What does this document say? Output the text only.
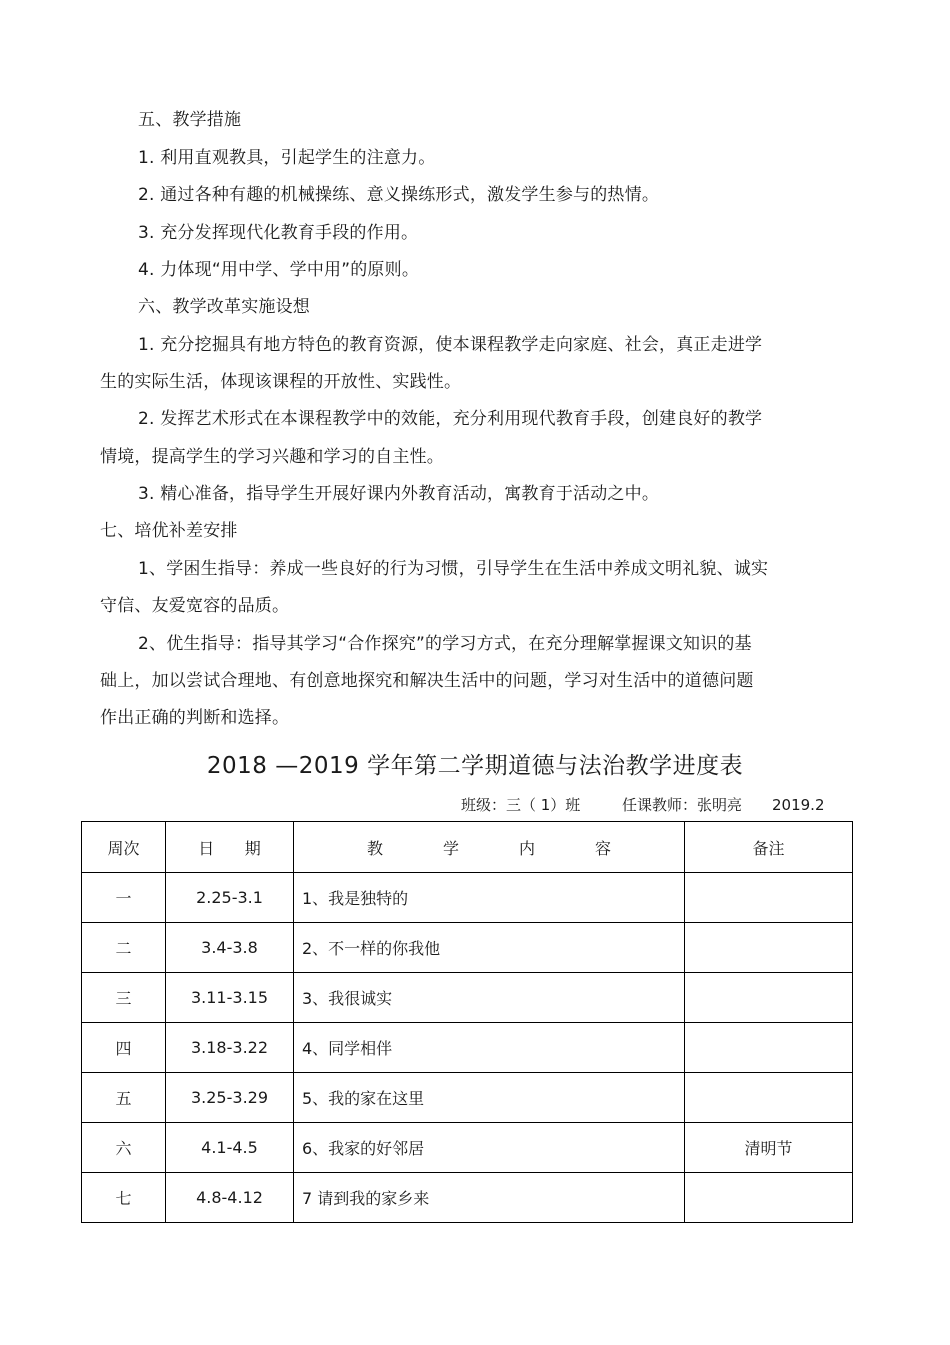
五、教学措施
1. 利用直观教具，引起学生的注意力。
2. 通过各种有趣的机械操练、意义操练形式，激发学生参与的热情。
3. 充分发挥现代化教育手段的作用。
4. 力体现“用中学、学中用”的原则。
六、教学改革实施设想
1. 充分挖掘具有地方特色的教育资源，使本课程教学走向家庭、社会，真正走进学
生的实际生活，体现该课程的开放性、实践性。
2. 发挥艺术形式在本课程教学中的效能，充分利用现代教育手段，创建良好的教学
情境，提高学生的学习兴趣和学习的自主性。
3. 精心准备，指导学生开展好课内外教育活动，寓教育于活动之中。
七、培优补差安排
1、学困生指导：养成一些良好的行为习惯，引导学生在生活中养成文明礼貌、诚实
守信、友爱宽容的品质。
2、优生指导：指导其学习“合作探究”的学习方式，在充分理解掌握课文知识的基
础上，加以尝试合理地、有创意地探究和解决生活中的问题，学习对生活中的道德问题
作出正确的判断和选择。
2018 —2019 学年第二学期道德与法治教学进度表
班级：三（ 1）班	任课教师：张明亮 2019.2
周次	日      期	教 学 内 容	备注
一	2.25-3.1	1、我是独特的	
二	3.4-3.8	2、不一样的你我他	
三	3.11-3.15	3、我很诚实	
四	3.18-3.22	4、同学相伴	
五	3.25-3.29	5、我的家在这里	
六	4.1-4.5	6、我家的好邻居	清明节
七	4.8-4.12	7 请到我的家乡来	
